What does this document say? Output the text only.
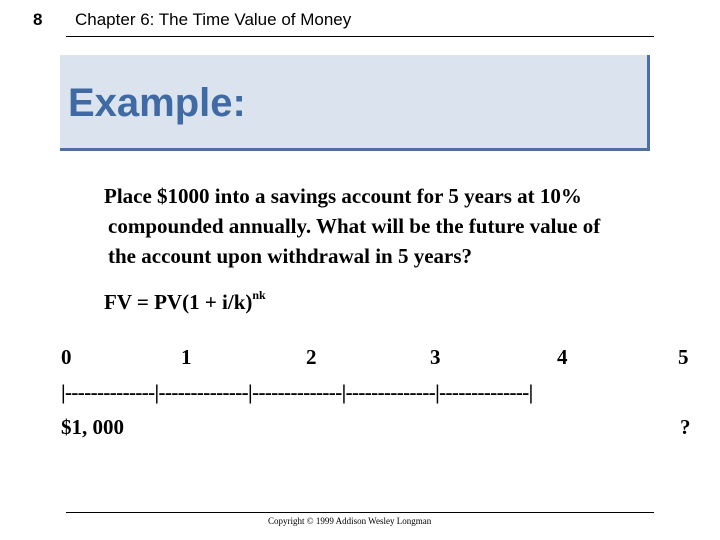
8 Chapter 6: The Time Value of Money
Example:
Place $1000 into a savings account for 5 years at 10%
compounded annually. What will be the future value of
the account upon withdrawal in 5 years?
FV = $PV(1 + i/k)^{nk}$
0	1	2	3	4	5
|--------------|--------------|--------------|--------------|--------------|
$1, 000	?
Copyright © 1999 Addison Wesley Longman
